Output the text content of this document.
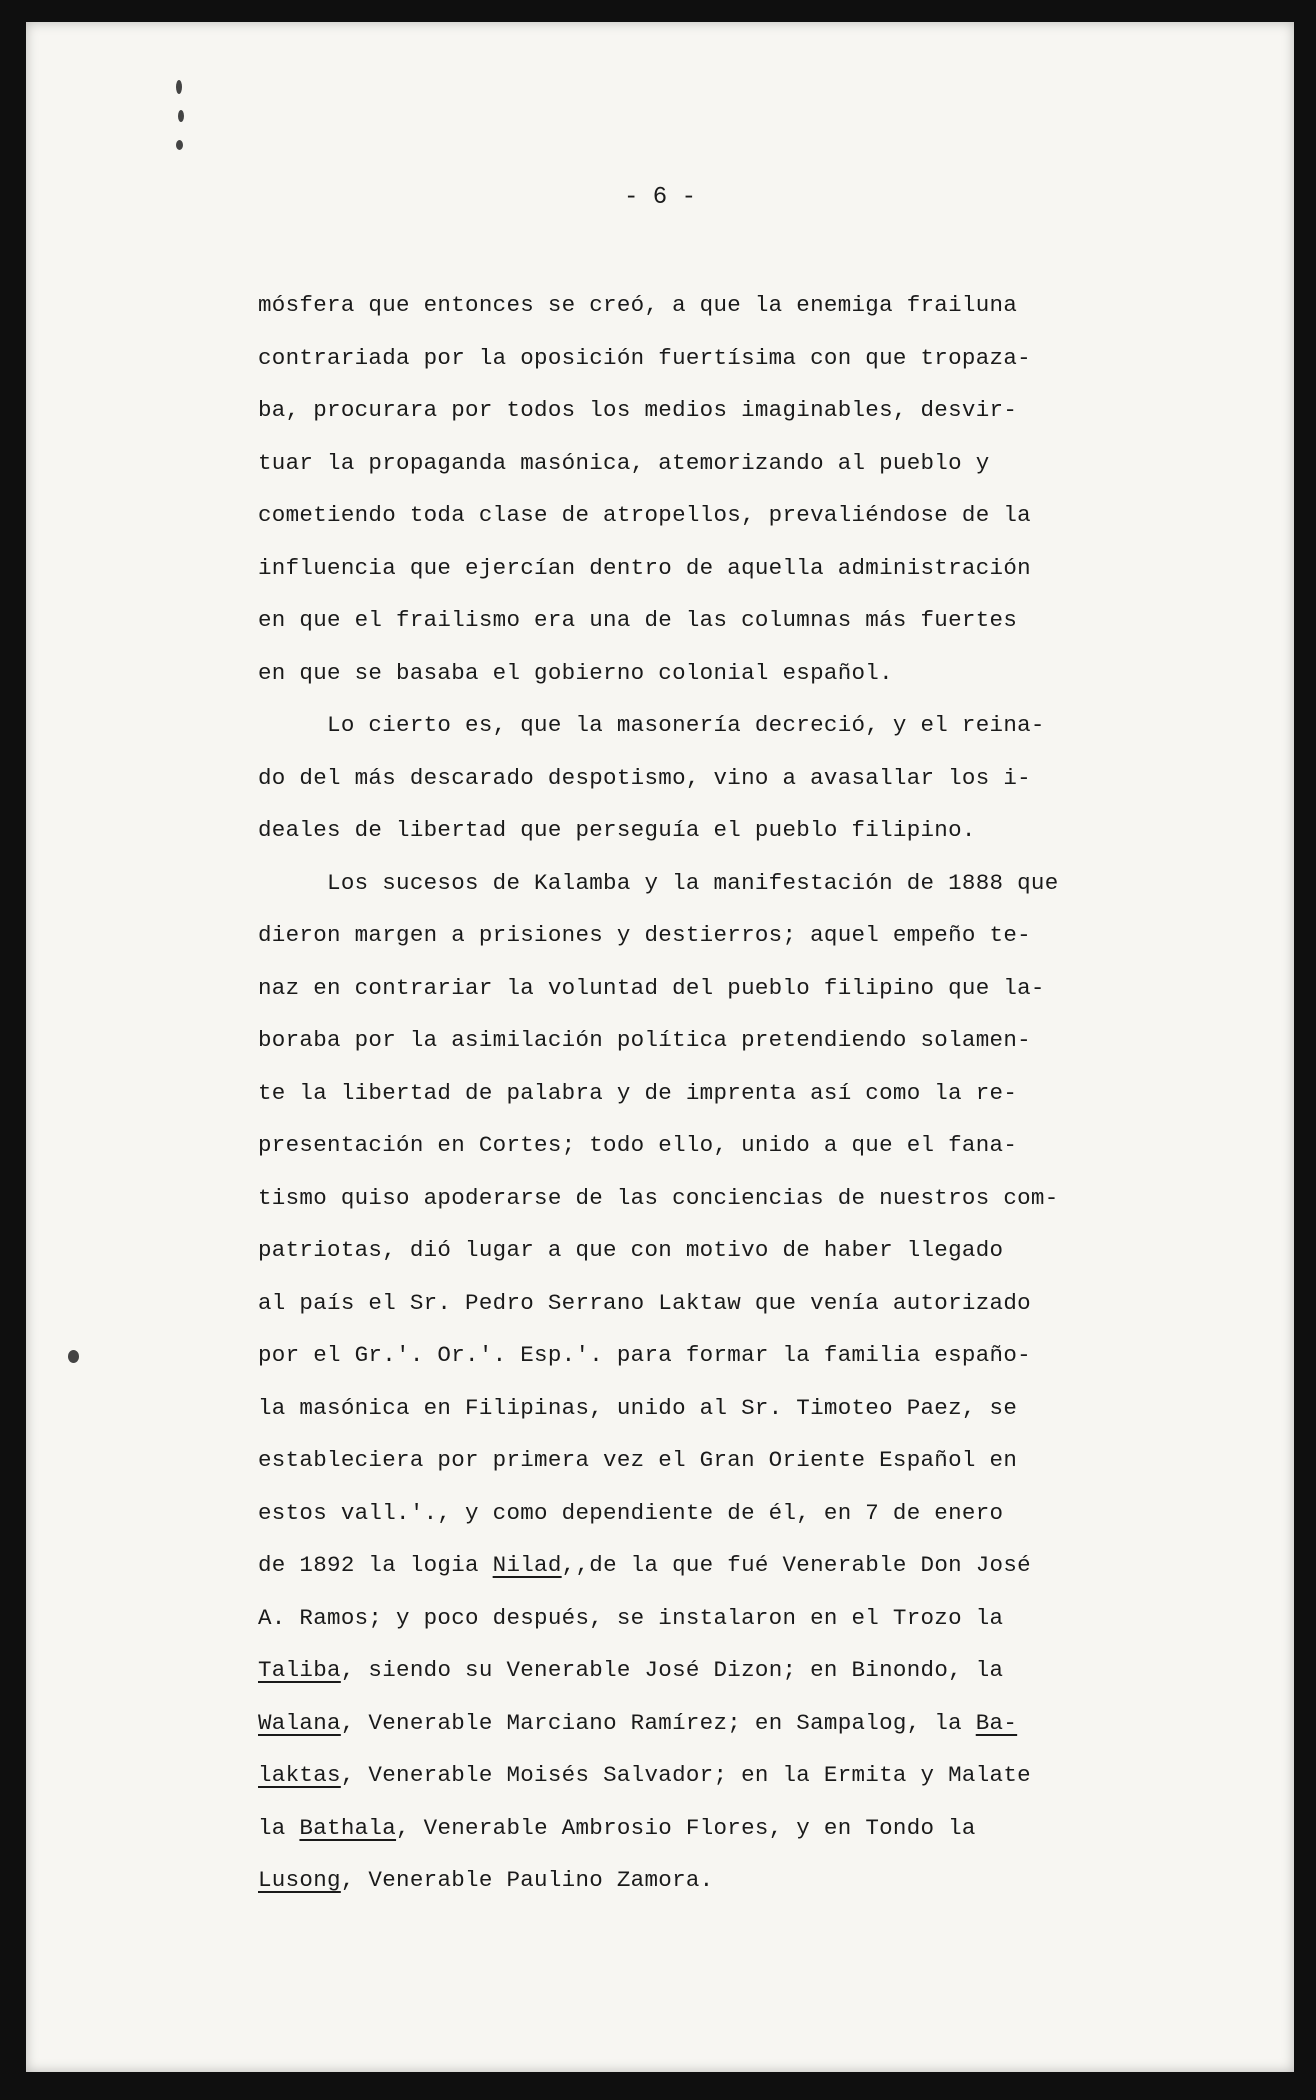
- 6 -
mósfera que entonces se creó, a que la enemiga frailuna
contrariada por la oposición fuertísima con que tropaza-
ba, procurara por todos los medios imaginables, desvir-
tuar la propaganda masónica, atemorizando al pueblo y
cometiendo toda clase de atropellos, prevaliéndose de la
influencia que ejercían dentro de aquella administración
en que el frailismo era una de las columnas más fuertes
en que se basaba el gobierno colonial español.
Lo cierto es, que la masonería decreció, y el reina-
do del más descarado despotismo, vino a avasallar los i-
deales de libertad que perseguía el pueblo filipino.
Los sucesos de Kalamba y la manifestación de 1888 que
dieron margen a prisiones y destierros; aquel empeño te-
naz en contrariar la voluntad del pueblo filipino que la-
boraba por la asimilación política pretendiendo solamen-
te la libertad de palabra y de imprenta así como la re-
presentación en Cortes; todo ello, unido a que el fana-
tismo quiso apoderarse de las conciencias de nuestros com-
patriotas, dió lugar a que con motivo de haber llegado
al país el Sr. Pedro Serrano Laktaw que venía autorizado
por el Gr.'. Or.'. Esp.'. para formar la familia españo-
la masónica en Filipinas, unido al Sr. Timoteo Paez, se
estableciera por primera vez el Gran Oriente Español en
estos vall.'., y como dependiente de él, en 7 de enero
de 1892 la logia Nilad,,de la que fué Venerable Don José
A. Ramos; y poco después, se instalaron en el Trozo la
Taliba, siendo su Venerable José Dizon; en Binondo, la
Walana, Venerable Marciano Ramírez; en Sampalog, la Ba-
laktas, Venerable Moisés Salvador; en la Ermita y Malate
la Bathala, Venerable Ambrosio Flores, y en Tondo la
Lusong, Venerable Paulino Zamora.
